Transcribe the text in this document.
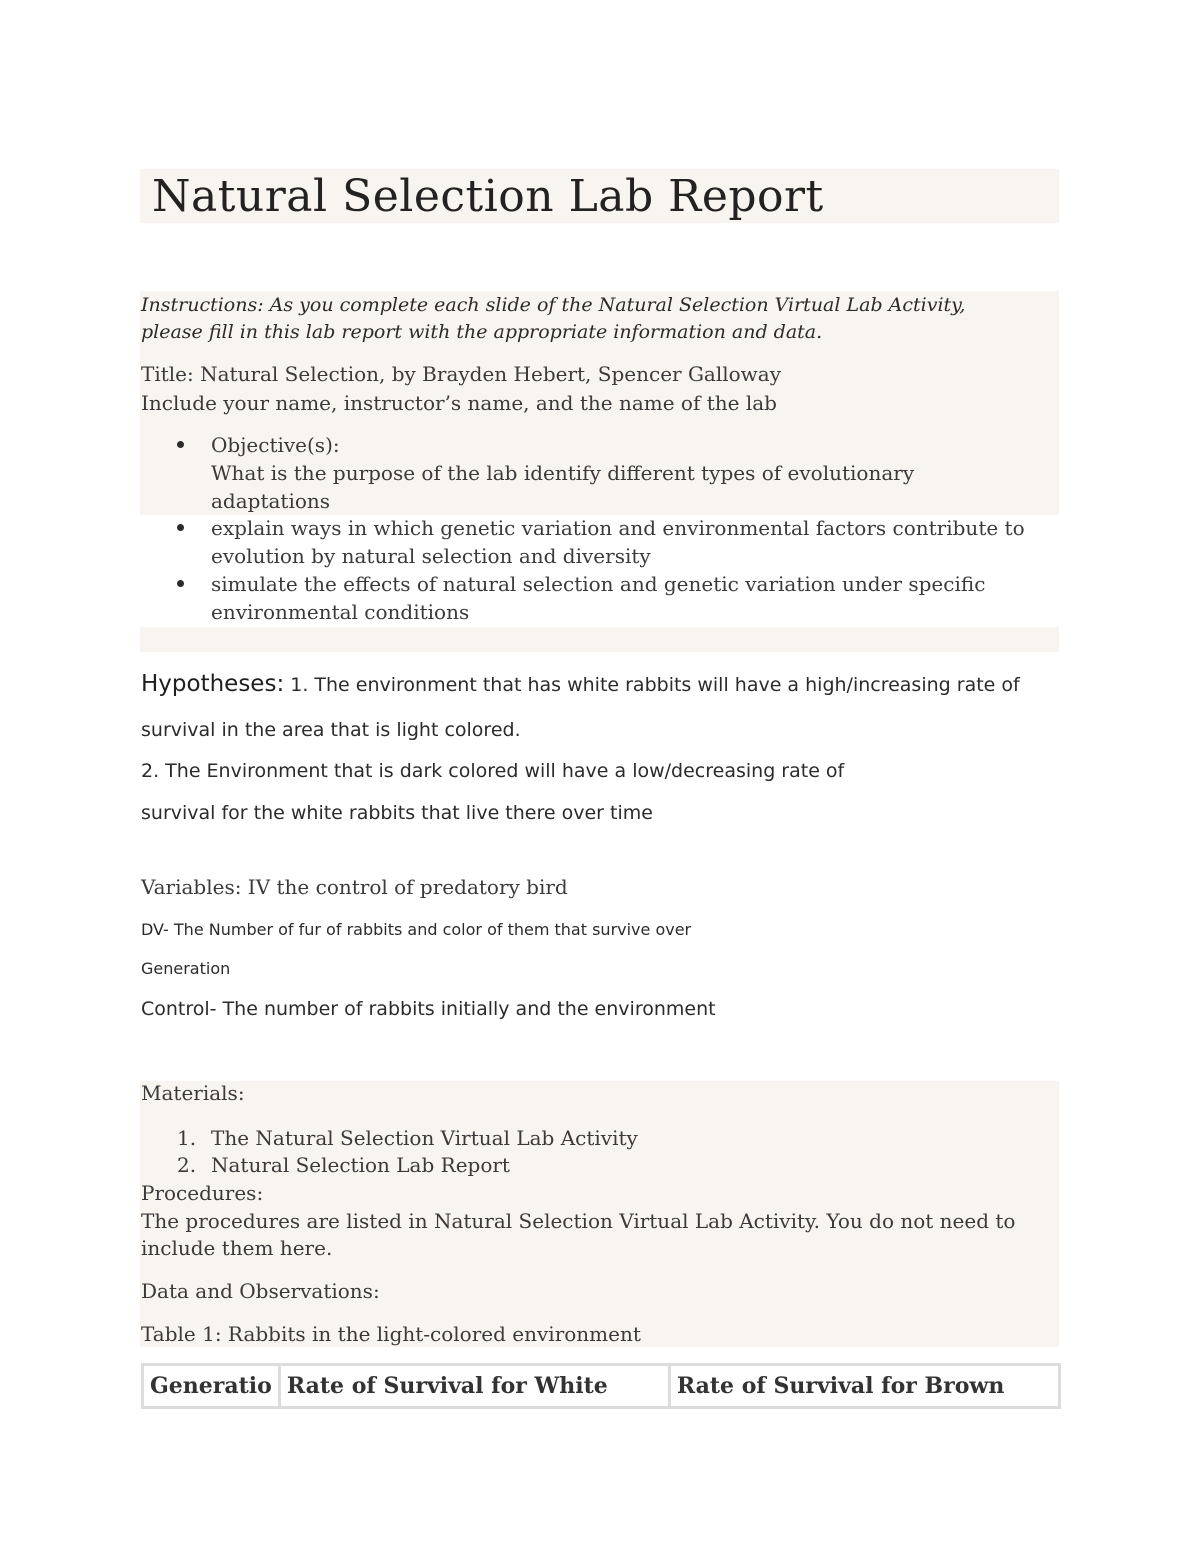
Natural Selection Lab Report
Instructions: As you complete each slide of the Natural Selection Virtual Lab Activity,
please fill in this lab report with the appropriate information and data.
Title: Natural Selection, by Brayden Hebert, Spencer Galloway
Include your name, instructor’s name, and the name of the lab
Objective(s):
What is the purpose of the lab identify different types of evolutionary
adaptations
explain ways in which genetic variation and environmental factors contribute to
evolution by natural selection and diversity
simulate the effects of natural selection and genetic variation under specific
environmental conditions
Hypotheses: 1. The environment that has white rabbits will have a high/increasing rate of
survival in the area that is light colored.
2. The Environment that is dark colored will have a low/decreasing rate of
survival for the white rabbits that live there over time
Variables: IV the control of predatory bird
DV- The Number of fur of rabbits and color of them that survive over
Generation
Control- The number of rabbits initially and the environment
Materials:
1. The Natural Selection Virtual Lab Activity
2. Natural Selection Lab Report
Procedures:
The procedures are listed in Natural Selection Virtual Lab Activity. You do not need to
include them here.
Data and Observations:
Table 1: Rabbits in the light-colored environment
Generatio	Rate of Survival for White	Rate of Survival for Brown
